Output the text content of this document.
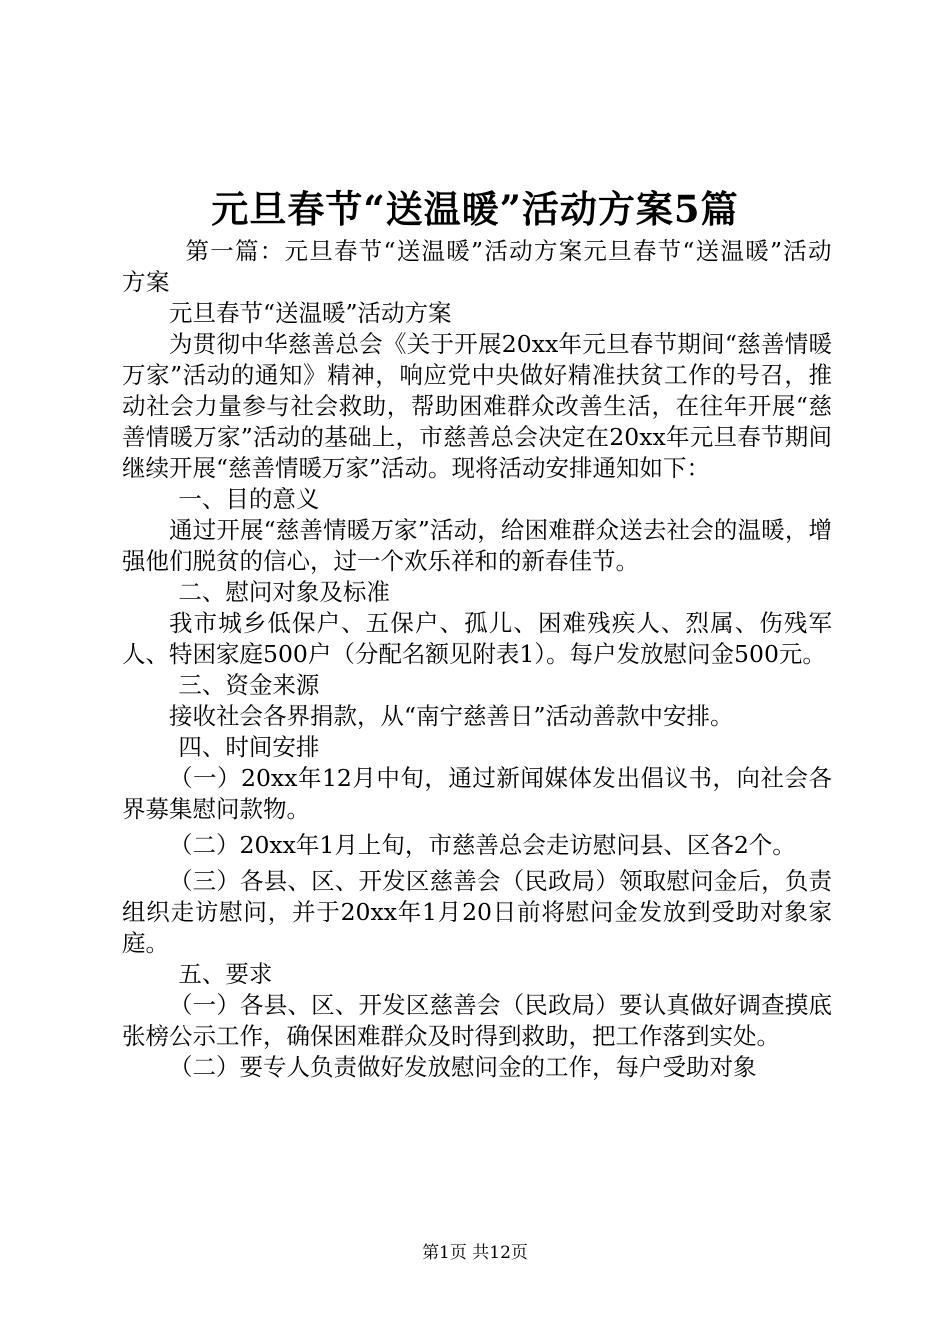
元旦春节“送温暖”活动方案5篇

第一篇：元旦春节“送温暖”活动方案元旦春节“送温暖”活动方案

元旦春节“送温暖”活动方案

为贯彻中华慈善总会《关于开展20xx年元旦春节期间“慈善情暖万家”活动的通知》精神，响应党中央做好精准扶贫工作的号召，推动社会力量参与社会救助，帮助困难群众改善生活，在往年开展“慈善情暖万家”活动的基础上，市慈善总会决定在20xx年元旦春节期间继续开展“慈善情暖万家”活动。现将活动安排通知如下：

一、目的意义

通过开展“慈善情暖万家”活动，给困难群众送去社会的温暖，增强他们脱贫的信心，过一个欢乐祥和的新春佳节。

二、慰问对象及标准

我市城乡低保户、五保户、孤儿、困难残疾人、烈属、伤残军人、特困家庭500户（分配名额见附表1）。每户发放慰问金500元。

三、资金来源

接收社会各界捐款，从“南宁慈善日”活动善款中安排。

四、时间安排

（一）20xx年12月中旬，通过新闻媒体发出倡议书，向社会各界募集慰问款物。

（二）20xx年1月上旬，市慈善总会走访慰问县、区各2个。

（三）各县、区、开发区慈善会（民政局）领取慰问金后，负责组织走访慰问，并于20xx年1月20日前将慰问金发放到受助对象家庭。

五、要求

（一）各县、区、开发区慈善会（民政局）要认真做好调查摸底张榜公示工作，确保困难群众及时得到救助，把工作落到实处。

（二）要专人负责做好发放慰问金的工作，每户受助对象

第1页 共12页
